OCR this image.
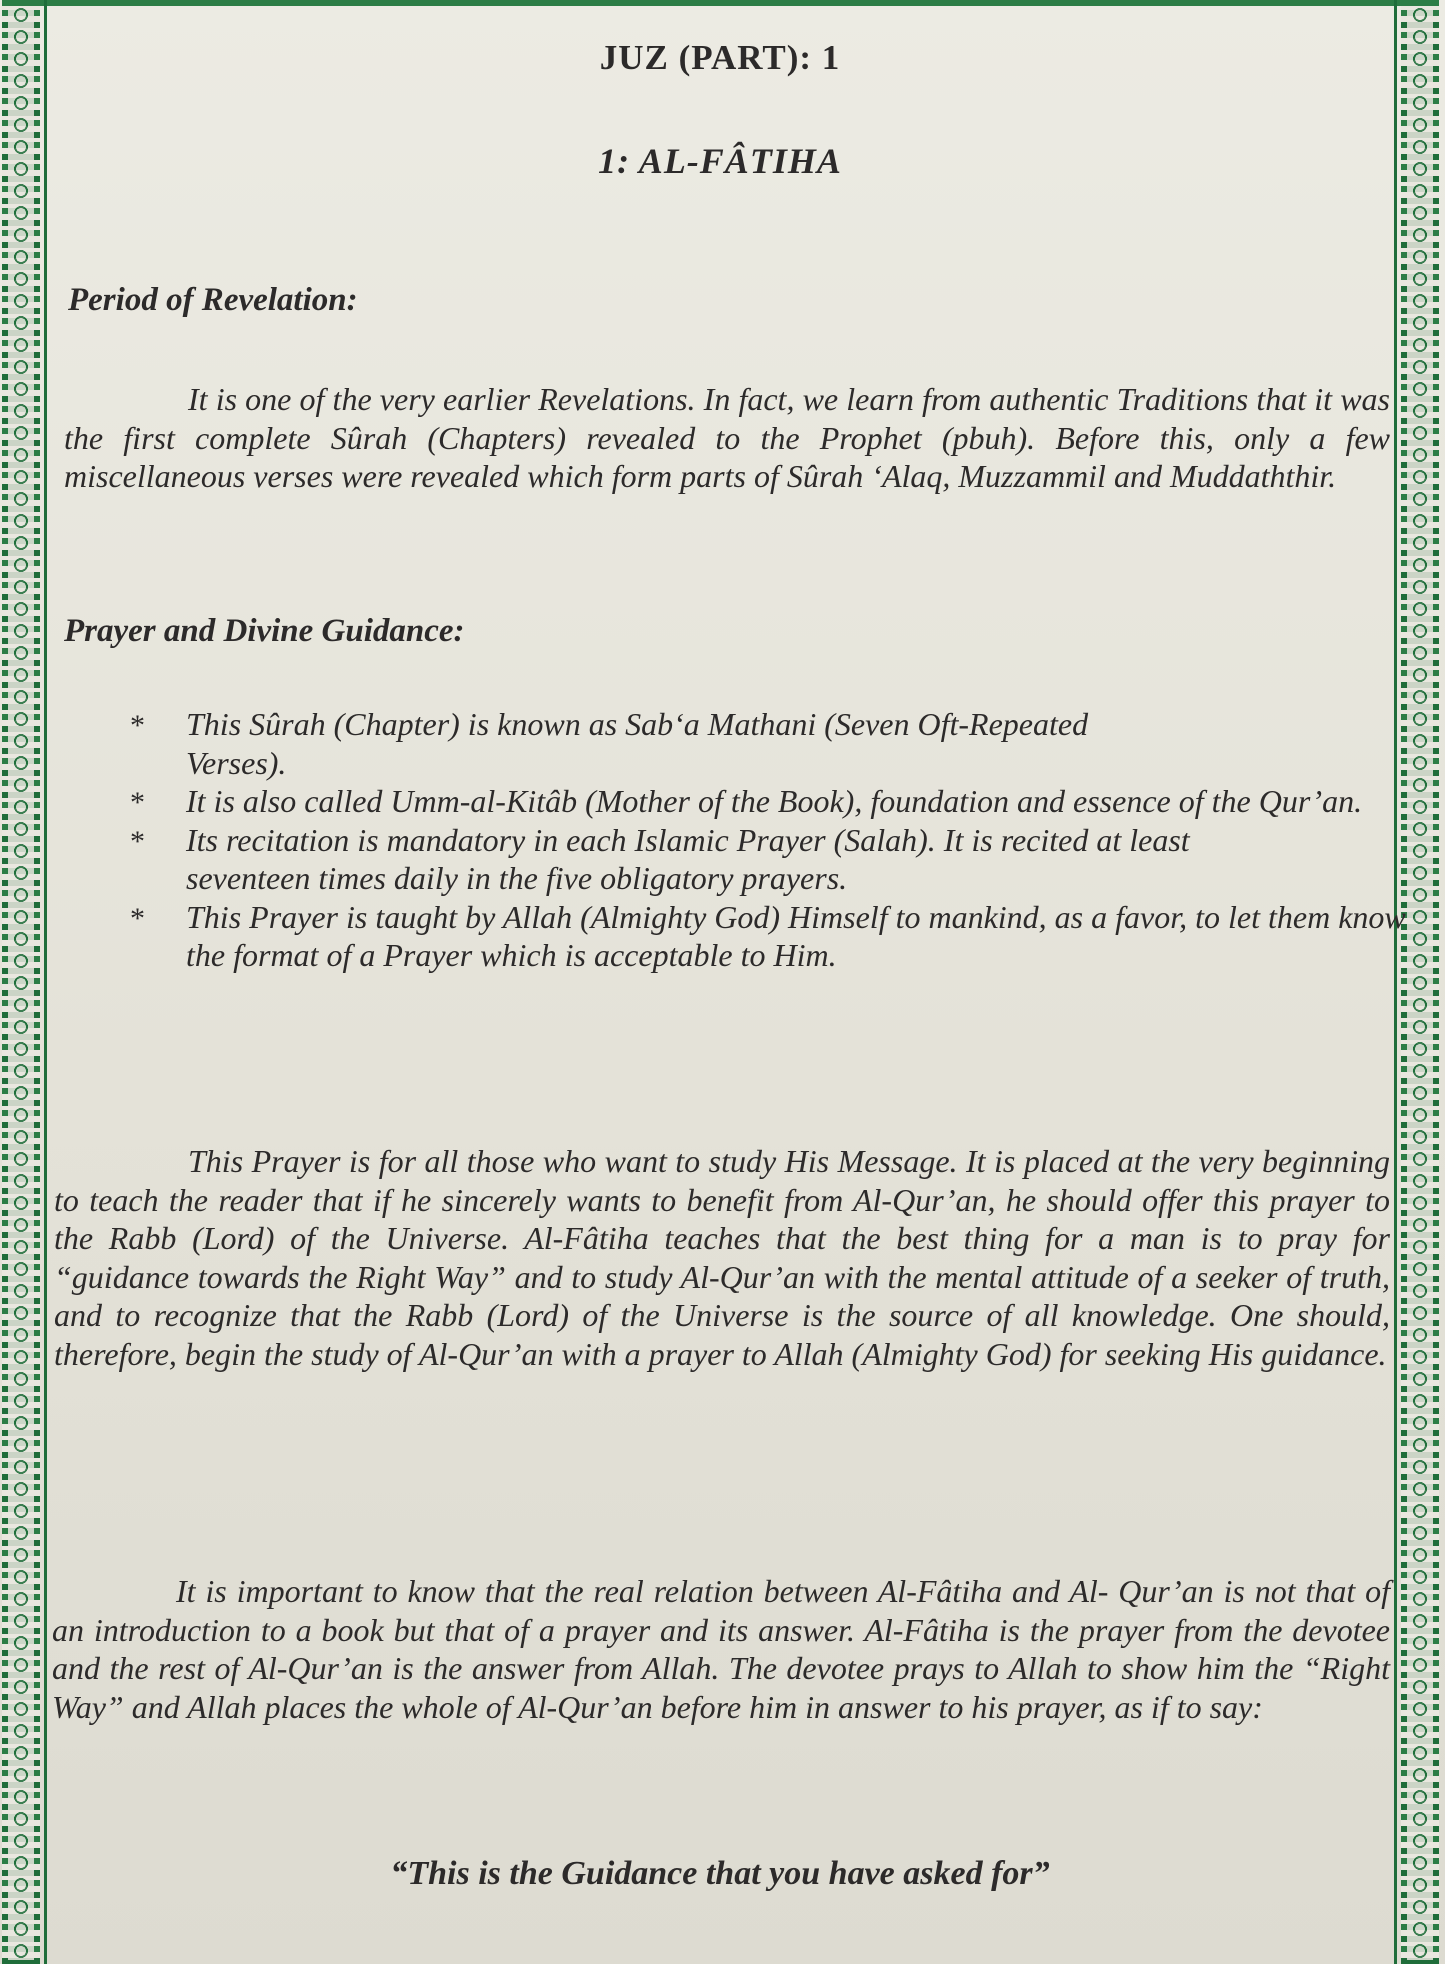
JUZ (PART): 1
1: AL-FÂTIHA
Period of Revelation:
It is one of the very earlier Revelations. In fact, we learn from authentic Traditions that it was the first complete Sûrah (Chapters) revealed to the Prophet (pbuh). Before this, only a few miscellaneous verses were revealed which form parts of Sûrah ‘Alaq, Muzzammil and Muddaththir.
Prayer and Divine Guidance:
* This Sûrah (Chapter) is known as Sab‘a Mathani (Seven Oft-Repeated Verses).
* It is also called Umm-al-Kitâb (Mother of the Book), foundation and essence of the Qur’an.
* Its recitation is mandatory in each Islamic Prayer (Salah). It is recited at least seventeen times daily in the five obligatory prayers.
* This Prayer is taught by Allah (Almighty God) Himself to mankind, as a favor, to let them know the format of a Prayer which is acceptable to Him.
This Prayer is for all those who want to study His Message. It is placed at the very beginning to teach the reader that if he sincerely wants to benefit from Al-Qur’an, he should offer this prayer to the Rabb (Lord) of the Universe. Al-Fâtiha teaches that the best thing for a man is to pray for “guidance towards the Right Way” and to study Al-Qur’an with the mental attitude of a seeker of truth, and to recognize that the Rabb (Lord) of the Universe is the source of all knowledge. One should, therefore, begin the study of Al-Qur’an with a prayer to Allah (Almighty God) for seeking His guidance.
It is important to know that the real relation between Al-Fâtiha and Al- Qur’an is not that of an introduction to a book but that of a prayer and its answer. Al-Fâtiha is the prayer from the devotee and the rest of Al-Qur’an is the answer from Allah. The devotee prays to Allah to show him the “Right Way” and Allah places the whole of Al-Qur’an before him in answer to his prayer, as if to say:
“This is the Guidance that you have asked for”
